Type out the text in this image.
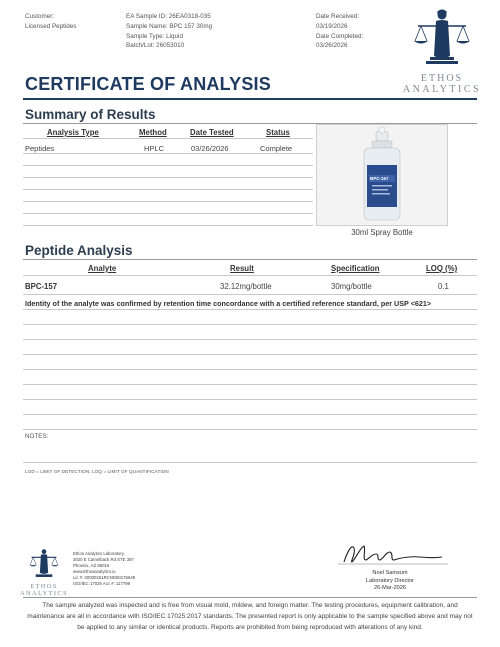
Customer:
Licensed Peptides
EA Sample ID: 26EA0318-035
Sample Name: BPC 157 30mg
Sample Type: Liquid
Batch/Lot: 26053010
Date Received:
03/19/2026
Date Completed:
03/26/2026
ETHOS
ANALYTICS
CERTIFICATE OF ANALYSIS
Summary of Results
Analysis Type	Method	Date Tested	Status
Peptides	HPLC	03/26/2026	Complete
BPC-157
30ml Spray Bottle
Peptide Analysis
Analyte	Result	Specification	LOQ (%)
BPC-157	32.12mg/bottle	30mg/bottle	0.1
Identity of the analyte was confirmed by retention time concordance with a certified reference standard, per USP <621>
NOTES:
LOD = LIMIT OF DETECTION; LOQ = LIMIT OF QUANTIFICATION
ETHOS
ANALYTICS
Ethos Analytics Laboratory
3020 E Camelback Rd STE 397
Phoenix, AZ 85016
www.Ethosanalytics.io
Lic #: 00000261RCND60176649
ISO/IEC 17025 Acc #: 117798
Noel Samsum
Laboratory Director
26-Mar-2026
The sample analyzed was inspected and is free from visual mold, mildew, and foreign matter. The testing procedures, equipment calibration, and maintenance are all in accordance with ISO/IEC 17025:2017 standards. The presented report is only applicable to the sample specified above and may not be applied to any similar or identical products. Reports are prohibited from being reproduced with alterations of any kind.
